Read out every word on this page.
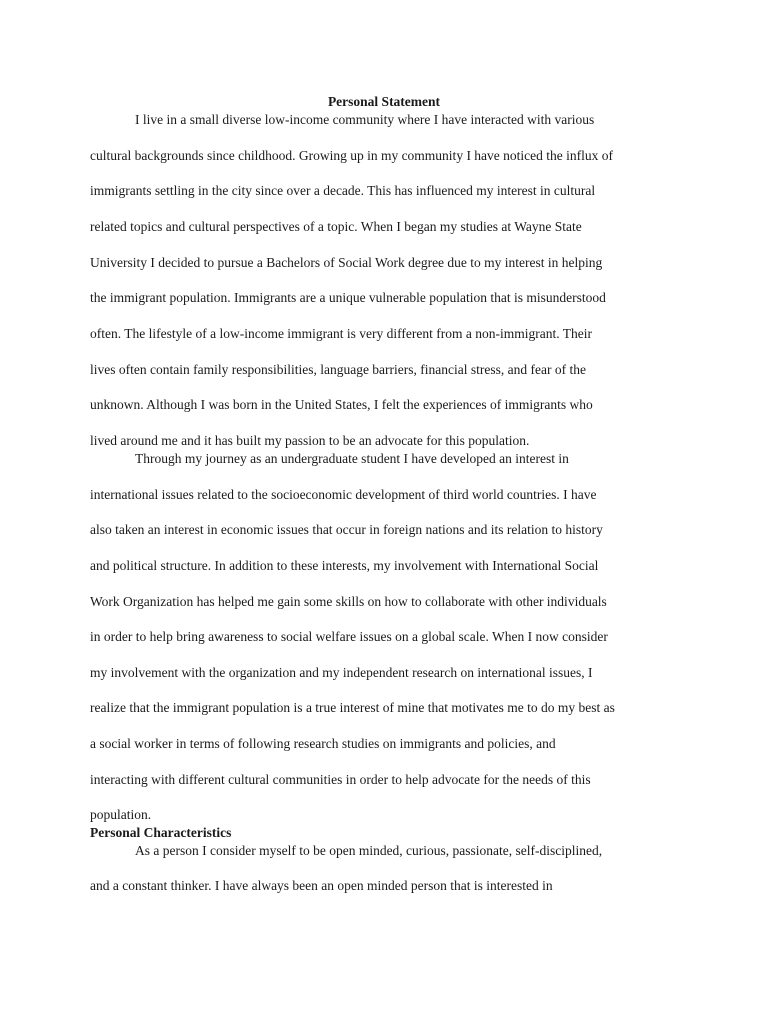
Personal Statement
I live in a small diverse low-income community where I have interacted with various
cultural backgrounds since childhood. Growing up in my community I have noticed the influx of
immigrants settling in the city since over a decade. This has influenced my interest in cultural
related topics and cultural perspectives of a topic. When I began my studies at Wayne State
University I decided to pursue a Bachelors of Social Work degree due to my interest in helping
the immigrant population. Immigrants are a unique vulnerable population that is misunderstood
often. The lifestyle of a low-income immigrant is very different from a non-immigrant. Their
lives often contain family responsibilities, language barriers, financial stress, and fear of the
unknown. Although I was born in the United States, I felt the experiences of immigrants who
lived around me and it has built my passion to be an advocate for this population.
Through my journey as an undergraduate student I have developed an interest in
international issues related to the socioeconomic development of third world countries. I have
also taken an interest in economic issues that occur in foreign nations and its relation to history
and political structure. In addition to these interests, my involvement with International Social
Work Organization has helped me gain some skills on how to collaborate with other individuals
in order to help bring awareness to social welfare issues on a global scale. When I now consider
my involvement with the organization and my independent research on international issues, I
realize that the immigrant population is a true interest of mine that motivates me to do my best as
a social worker in terms of following research studies on immigrants and policies, and
interacting with different cultural communities in order to help advocate for the needs of this
population.
Personal Characteristics
As a person I consider myself to be open minded, curious, passionate, self-disciplined,
and a constant thinker. I have always been an open minded person that is interested in
